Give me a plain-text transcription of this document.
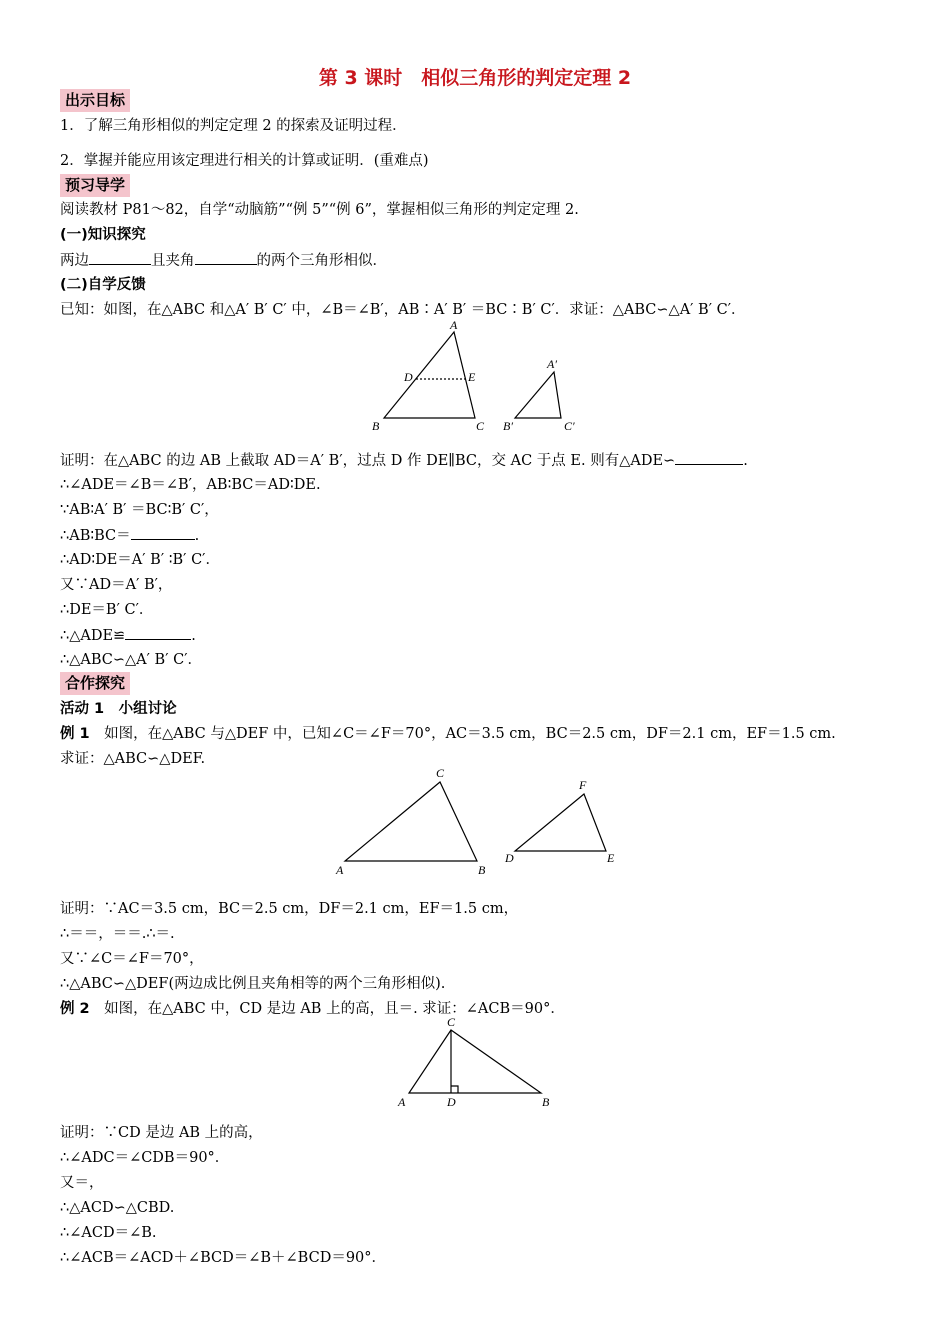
第 3 课时　相似三角形的判定定理 2
出示目标
1．了解三角形相似的判定定理 2 的探索及证明过程．
2．掌握并能应用该定理进行相关的计算或证明．(重难点)
预习导学
阅读教材 P81～82，自学“动脑筋”“例 5”“例 6”，掌握相似三角形的判定定理 2.
(一)知识探究
两边	且夹角	的两个三角形相似．
(二)自学反馈
已知：如图，在△ABC 和△A′ B′ C′ 中，∠B＝∠B′，AB∶A′ B′ ＝BC∶B′ C′．求证：△ABC∽△A′ B′ C′．
A
D	E
B	C
A′
B′	C′
证明：在△ABC 的边 AB 上截取 AD＝A′ B′，过点 D 作 DE∥BC，交 AC 于点 E. 则有△ADE∽	.
∴∠ADE＝∠B＝∠B′，AB∶BC＝AD∶DE.
∵AB∶A′ B′ ＝BC∶B′ C′，
∴AB∶BC＝	.
∴AD∶DE＝A′ B′ ∶B′ C′．
又∵AD＝A′ B′，
∴DE＝B′ C′．
∴△ADE≌	.
∴△ABC∽△A′ B′ C′．
合作探究
活动 1　小组讨论
例 1　如图，在△ABC 与△DEF 中，已知∠C＝∠F＝70°，AC＝3.5 cm，BC＝2.5 cm，DF＝2.1 cm，EF＝1.5 cm.
求证：△ABC∽△DEF.
C
A	B
F
D	E
证明：∵AC＝3.5 cm，BC＝2.5 cm，DF＝2.1 cm，EF＝1.5 cm，
∴＝＝，＝＝.∴＝.
又∵∠C＝∠F＝70°，
∴△ABC∽△DEF(两边成比例且夹角相等的两个三角形相似).
例 2　如图，在△ABC 中，CD 是边 AB 上的高，且＝. 求证：∠ACB＝90°．
C
A	D	B
证明：∵CD 是边 AB 上的高，
∴∠ADC＝∠CDB＝90°．
又＝，
∴△ACD∽△CBD.
∴∠ACD＝∠B.
∴∠ACB＝∠ACD＋∠BCD＝∠B＋∠BCD＝90°．
